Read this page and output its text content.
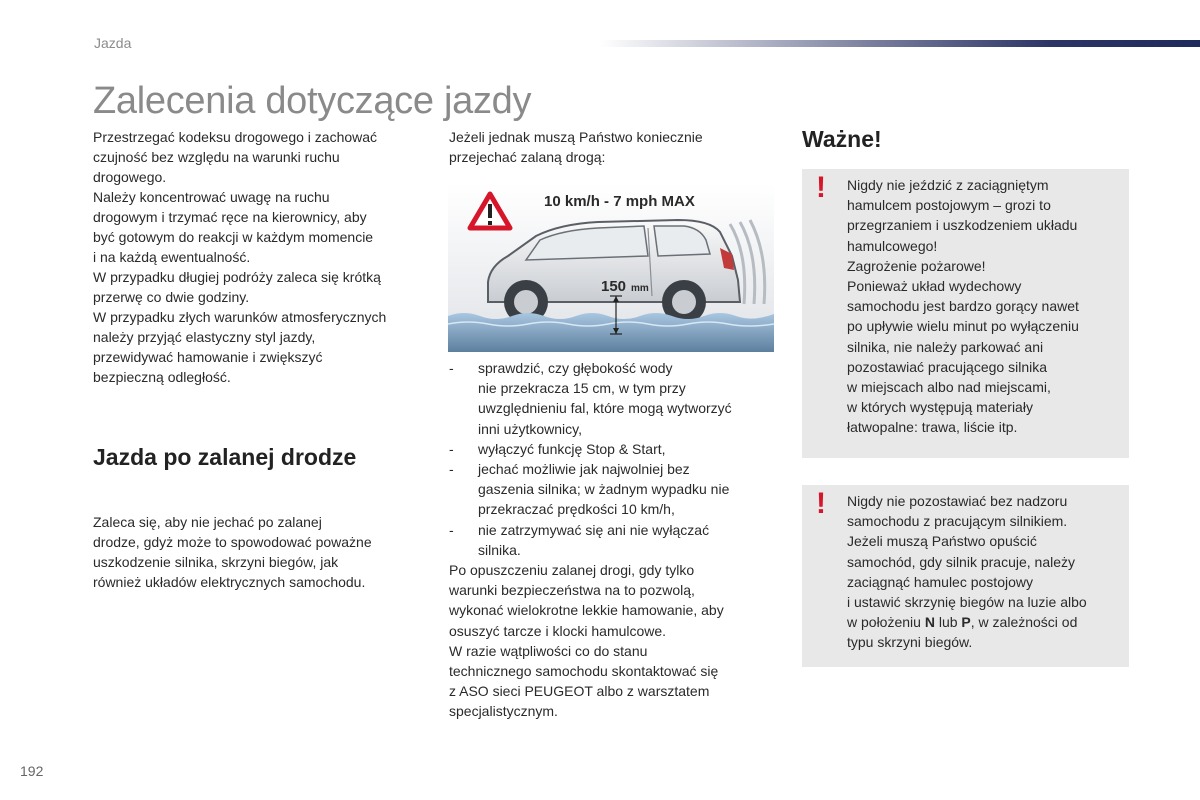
Jazda
Zalecenia dotyczące jazdy

Przestrzegać kodeksu drogowego i zachować

czujność bez względu na warunki ruchu

drogowego.

Należy koncentrować uwagę na ruchu

drogowym i trzymać ręce na kierownicy, aby

być gotowym do reakcji w każdym momencie

i na każdą ewentualność.

W przypadku długiej podróży zaleca się krótką

przerwę co dwie godziny.

W przypadku złych warunków atmosferycznych

należy przyjąć elastyczny styl jazdy,

przewidywać hamowanie i zwiększyć

bezpieczną odległość.

Jazda po zalanej drodze

Zaleca się, aby nie jechać po zalanej

drodze, gdyż może to spowodować poważne

uszkodzenie silnika, skrzyni biegów, jak

również układów elektrycznych samochodu.

Jeżeli jednak muszą Państwo koniecznie

przejechać zalaną drogą:

10 km/h - 7 mph MAX
150 mm
- sprawdzić, czy głębokość wody
nie przekracza 15 cm, w tym przy
uwzględnieniu fal, które mogą wytworzyć
inni użytkownicy,
- wyłączyć funkcję Stop & Start,
- jechać możliwie jak najwolniej bez
gaszenia silnika; w żadnym wypadku nie
przekraczać prędkości 10 km/h,
- nie zatrzymywać się ani nie wyłączać
silnika.

Po opuszczeniu zalanej drogi, gdy tylko

warunki bezpieczeństwa na to pozwolą,

wykonać wielokrotne lekkie hamowanie, aby

osuszyć tarcze i klocki hamulcowe.

W razie wątpliwości co do stanu

technicznego samochodu skontaktować się

z ASO sieci PEUGEOT albo z warsztatem

specjalistycznym.

Ważne!
! Nigdy nie jeździć z zaciągniętym

hamulcem postojowym – grozi to

przegrzaniem i uszkodzeniem układu

hamulcowego!

Zagrożenie pożarowe!

Ponieważ układ wydechowy

samochodu jest bardzo gorący nawet

po upływie wielu minut po wyłączeniu

silnika, nie należy parkować ani

pozostawiać pracującego silnika

w miejscach albo nad miejscami,

w których występują materiały

łatwopalne: trawa, liście itp.

! Nigdy nie pozostawiać bez nadzoru

samochodu z pracującym silnikiem.

Jeżeli muszą Państwo opuścić

samochód, gdy silnik pracuje, należy

zaciągnąć hamulec postojowy

i ustawić skrzynię biegów na luzie albo

w położeniu N lub P, w zależności od

typu skrzyni biegów.

192
